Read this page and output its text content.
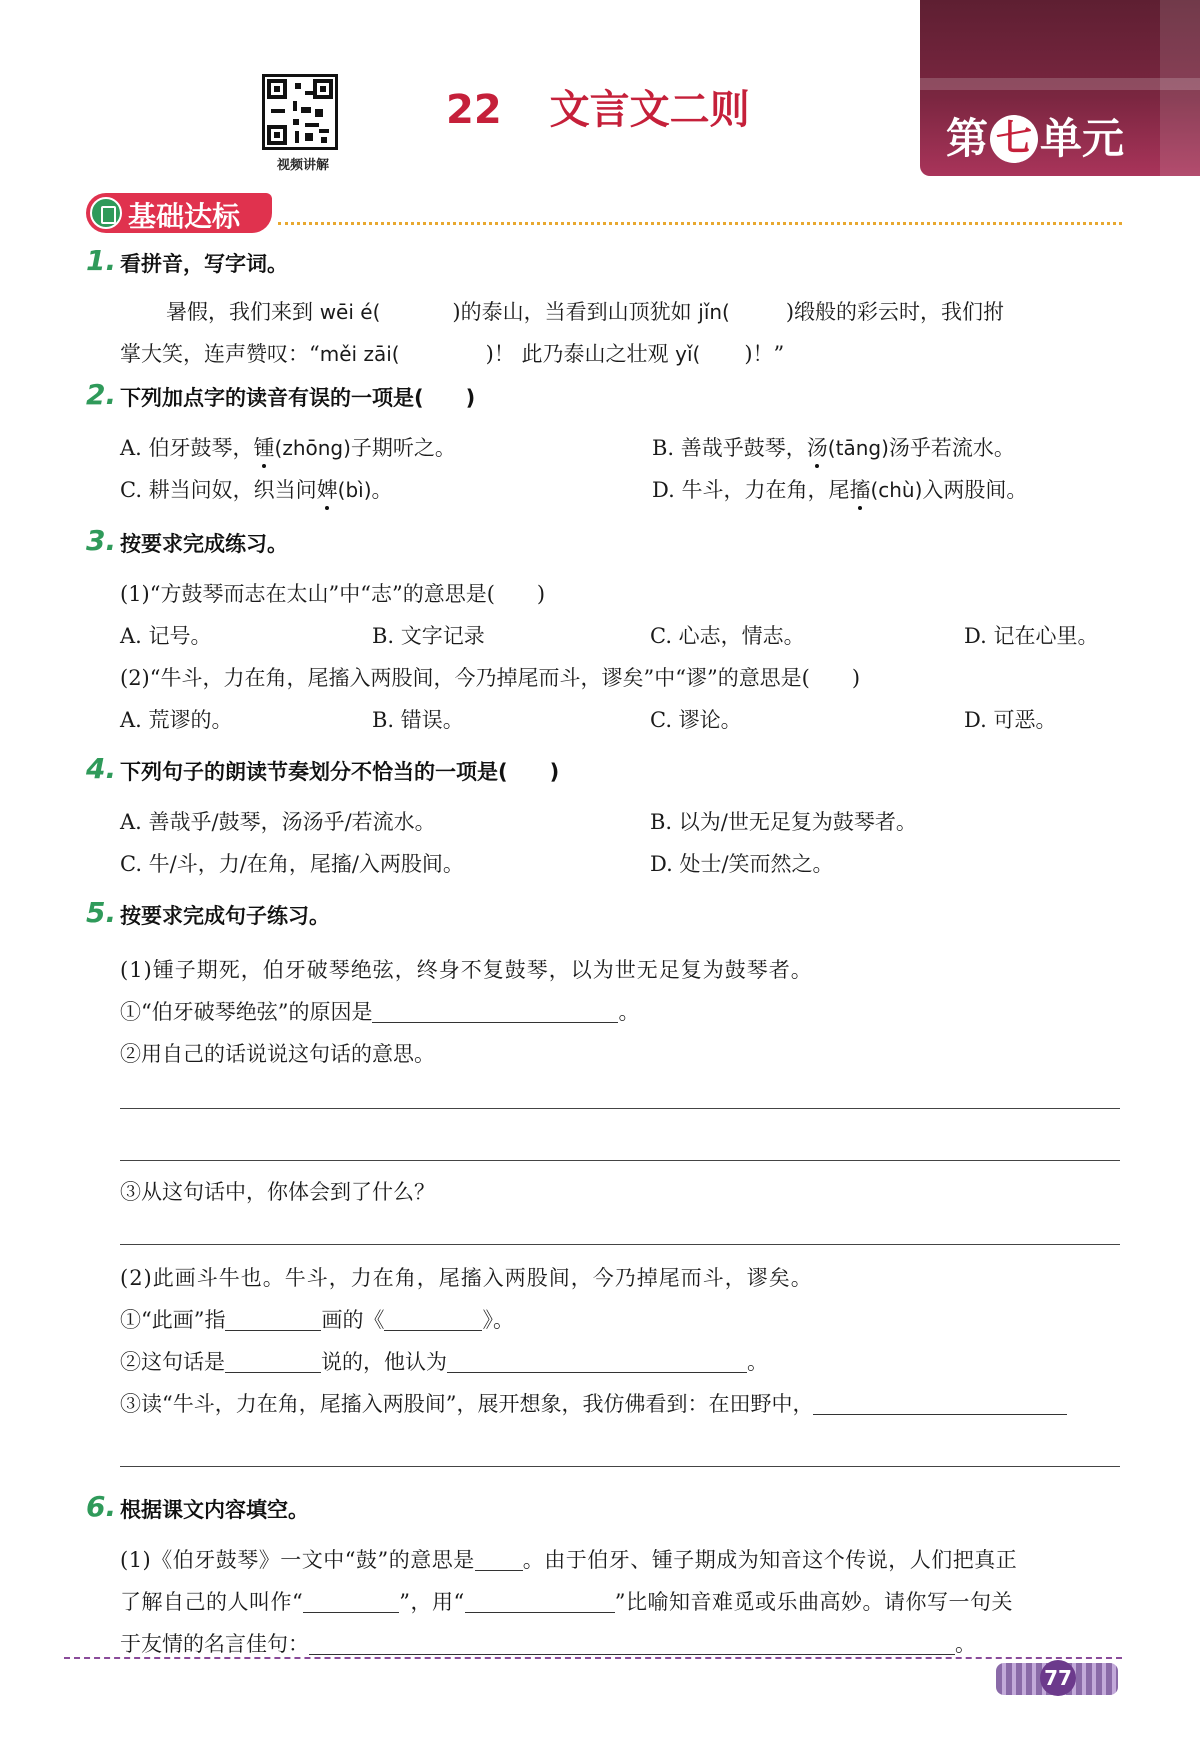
视频讲解
22 文言文二则
第 七 单元
基础达标
1. 看拼音，写字词。
暑假，我们来到 wēi é(	)的泰山，当看到山顶犹如 jǐn(	)缎般的彩云时，我们拊
掌大笑，连声赞叹：“měi zāi(	)！ 此乃泰山之壮观 yǐ( )！”
2. 下列加点字的读音有误的一项是(　　)
A. 伯牙鼓琴，锺(zhōng)子期听之。	B. 善哉乎鼓琴，汤(tāng)汤乎若流水。
C. 耕当问奴，织当问婢(bì)。	D. 牛斗，力在角，尾搐(chù)入两股间。
3. 按要求完成练习。
(1)“方鼓琴而志在太山”中“志”的意思是(　　)
A. 记号。	B. 文字记录	C. 心志，情志。	D. 记在心里。
(2)“牛斗，力在角，尾搐入两股间，今乃掉尾而斗，谬矣”中“谬”的意思是(　　)
A. 荒谬的。	B. 错误。	C. 谬论。	D. 可恶。
4. 下列句子的朗读节奏划分不恰当的一项是(　　)
A. 善哉乎/鼓琴，汤汤乎/若流水。	B. 以为/世无足复为鼓琴者。
C. 牛/斗，力/在角，尾搐/入两股间。	D. 处士/笑而然之。
5. 按要求完成句子练习。
(1)锺子期死，伯牙破琴绝弦，终身不复鼓琴，以为世无足复为鼓琴者。
①“伯牙破琴绝弦”的原因是	。
②用自己的话说说这句话的意思。
③从这句话中，你体会到了什么？
(2)此画斗牛也。牛斗，力在角，尾搐入两股间，今乃掉尾而斗，谬矣。
①“此画”指	画的《	》。
②这句话是	说的，他认为	。
③读“牛斗，力在角，尾搐入两股间”，展开想象，我仿佛看到：在田野中，
6. 根据课文内容填空。
(1)《伯牙鼓琴》一文中“鼓”的意思是 。由于伯牙、锺子期成为知音这个传说，人们把真正
了解自己的人叫作“	”，用“	”比喻知音难觅或乐曲高妙。请你写一句关
于友情的名言佳句：	。
77
